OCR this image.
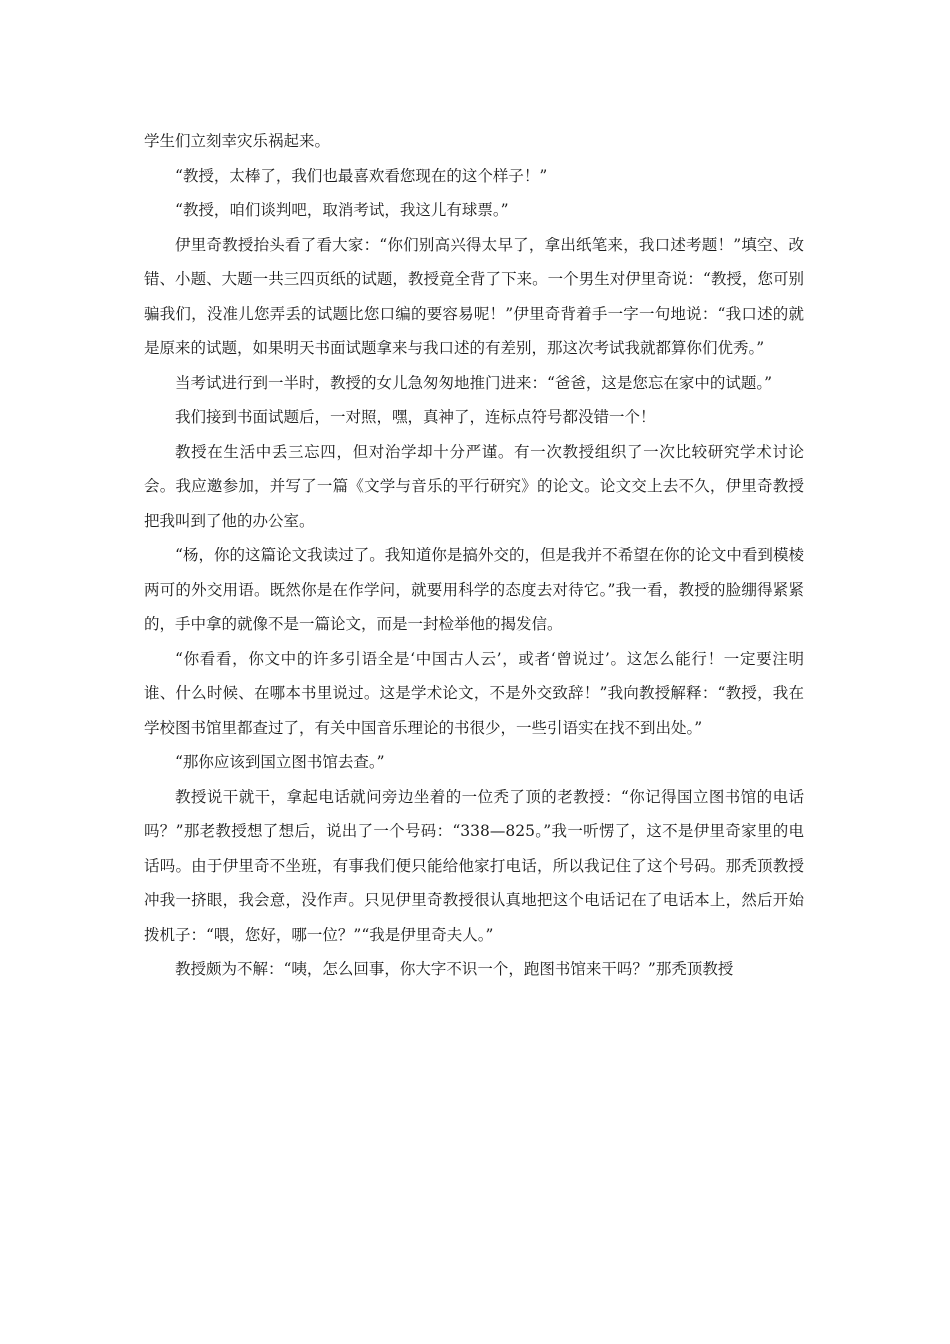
学生们立刻幸灾乐祸起来。

“教授，太棒了，我们也最喜欢看您现在的这个样子！”

“教授，咱们谈判吧，取消考试，我这儿有球票。”

伊里奇教授抬头看了看大家：“你们别高兴得太早了，拿出纸笔来，我口述考题！”填空、改错、小题、大题一共三四页纸的试题，教授竟全背了下来。一个男生对伊里奇说：“教授，您可别骗我们，没准儿您弄丢的试题比您口编的要容易呢！”伊里奇背着手一字一句地说：“我口述的就是原来的试题，如果明天书面试题拿来与我口述的有差别，那这次考试我就都算你们优秀。”

当考试进行到一半时，教授的女儿急匆匆地推门进来：“爸爸，这是您忘在家中的试题。”

我们接到书面试题后，一对照，嘿，真神了，连标点符号都没错一个！

教授在生活中丢三忘四，但对治学却十分严谨。有一次教授组织了一次比较研究学术讨论会。我应邀参加，并写了一篇《文学与音乐的平行研究》的论文。论文交上去不久，伊里奇教授把我叫到了他的办公室。

“杨，你的这篇论文我读过了。我知道你是搞外交的，但是我并不希望在你的论文中看到模棱两可的外交用语。既然你是在作学问，就要用科学的态度去对待它。”我一看，教授的脸绷得紧紧的，手中拿的就像不是一篇论文，而是一封检举他的揭发信。

“你看看，你文中的许多引语全是‘中国古人云’，或者‘曾说过’。这怎么能行！一定要注明谁、什么时候、在哪本书里说过。这是学术论文，不是外交致辞！”我向教授解释：“教授，我在学校图书馆里都查过了，有关中国音乐理论的书很少，一些引语实在找不到出处。”

“那你应该到国立图书馆去查。”

教授说干就干，拿起电话就问旁边坐着的一位秃了顶的老教授：“你记得国立图书馆的电话吗？”那老教授想了想后，说出了一个号码：“338—825。”我一听愣了，这不是伊里奇家里的电话吗。由于伊里奇不坐班，有事我们便只能给他家打电话，所以我记住了这个号码。那秃顶教授冲我一挤眼，我会意，没作声。只见伊里奇教授很认真地把这个电话记在了电话本上，然后开始拨机子：“喂，您好，哪一位？”“我是伊里奇夫人。”

教授颇为不解：“咦，怎么回事，你大字不识一个，跑图书馆来干吗？”那秃顶教授
